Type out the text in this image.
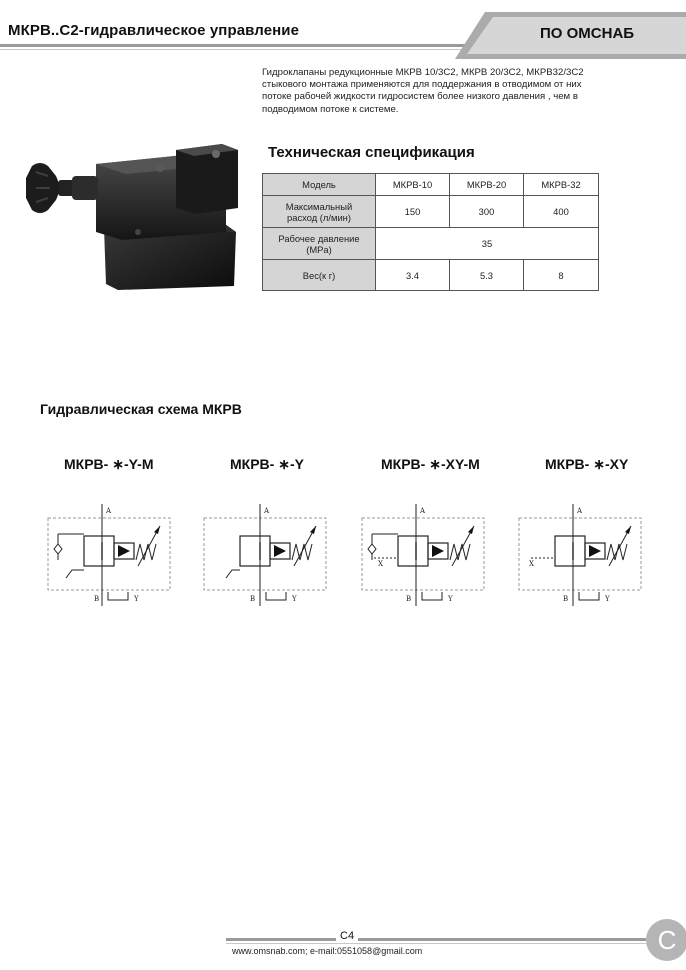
МКРВ..С2-гидравлическое управление	ПО ОМСНАБ
Гидроклапаны редукционные МКРВ 10/3С2, МКРВ 20/3С2, МКРВ32/3С2
стыкового монтажа применяются для поддержания в отводимом от них
потоке рабочей жидкости гидросистем более низкого давления , чем в
подводимом потоке к системе.
Техническая спецификация
Модель	МКРВ-10	МКРВ-20	МКРВ-32

Максимальный
расход (л/мин)	150	300	400

Рабочее давление
(MPa)	35		
Вес(к г)	3.4	5.3	8
Гидравлическая схема МКРВ
МКРВ- ∗-Y-M	МКРВ- ∗-Y	МКРВ- ∗-XY-M	МКРВ- ∗-XY
A
B	Y
A
B	Y
A
X
B	Y
A
X
B	Y
C4
www.omsnab.com; e-mail:0551058@gmail.com	C
